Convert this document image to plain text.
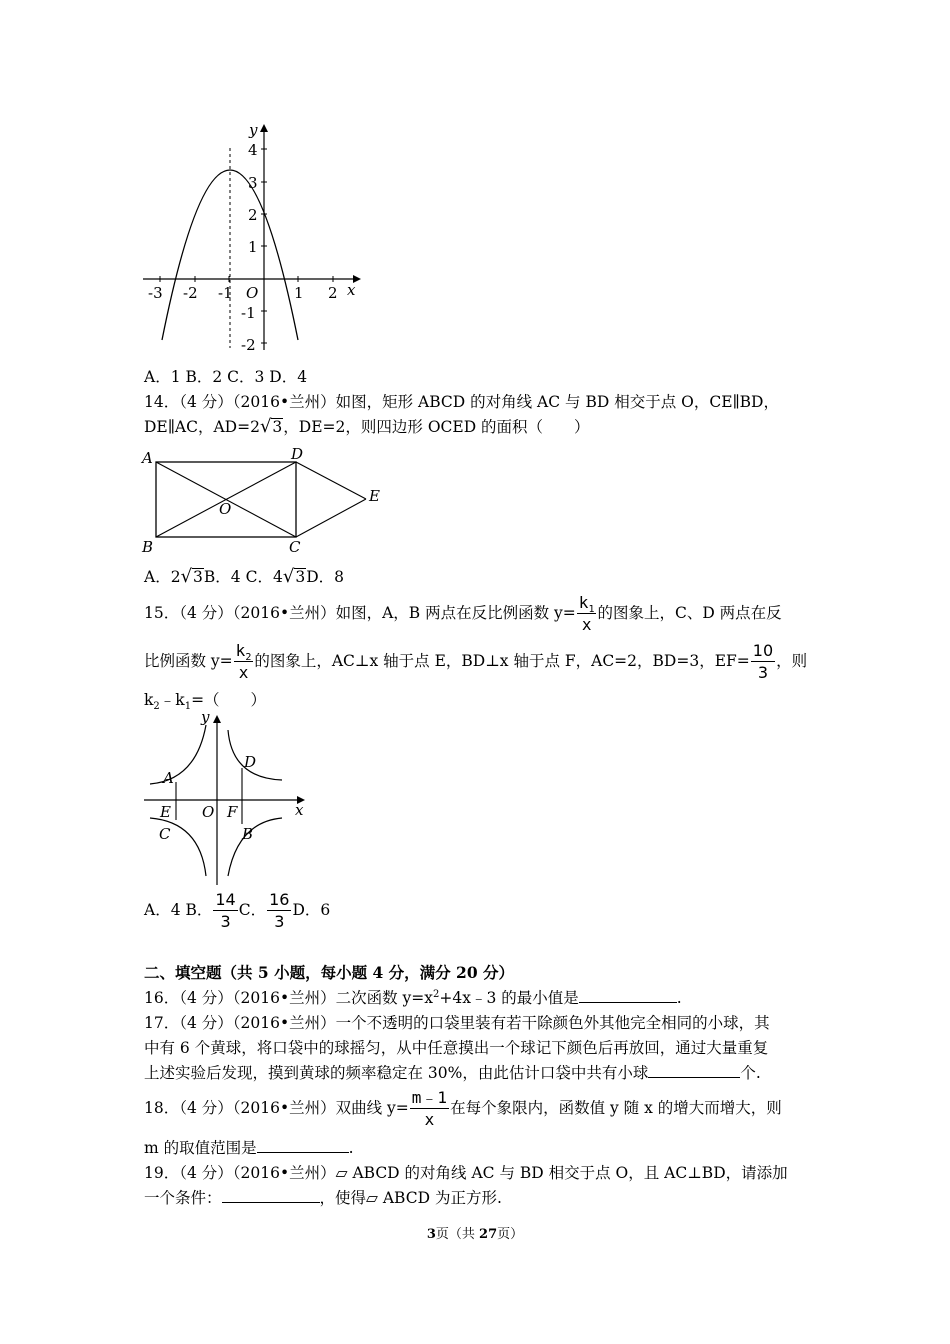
y
x
O
-3 -2 -1	1 2
4
3
2
1
-1
-2
A．1 B．2 C．3 D．4
14．（4 分）（2016•兰州）如图，矩形 ABCD 的对角线 AC 与 BD 相交于点 O，CE∥BD，
DE∥AC，AD=2√3，DE=2，则四边形 OCED 的面积（　　）
A
B	C
D
E
O
A．2√3B．4 C．4√3D．8
15．（4 分）（2016•兰州）如图，A，B 两点在反比例函数 $y= \frac{k_1}{x}$ 的图象上，C、D 两点在反
比例函数 $y= \frac{k_2}{x}$ 的图象上，AC⊥x 轴于点 E，BD⊥x 轴于点 F，AC=2，BD=3，$EF= \frac{10}{3}$ ，则
$k_2﹣k_1=$（　　）
y
x
A
D
E O F
C	B
A．4 B． $\frac{14}{3}$ C． $\frac{16}{3}$ D．6
二、填空题（共 5 小题，每小题 4 分，满分 20 分）
16．（4 分）（2016•兰州）二次函数 $y=x^2+4x﹣3$ 的最小值是	.
17．（4 分）（2016•兰州）一个不透明的口袋里装有若干除颜色外其他完全相同的小球，其
中有 6 个黄球，将口袋中的球摇匀，从中任意摸出一个球记下颜色后再放回，通过大量重复
上述实验后发现，摸到黄球的频率稳定在 30%，由此估计口袋中共有小球	个.
18．（4 分）（2016•兰州）双曲线 $y= \frac{m﹣1}{x}$ 在每个象限内，函数值 y 随 x 的增大而增大，则
m 的取值范围是	.
19．（4 分）（2016•兰州）▱ ABCD 的对角线 AC 与 BD 相交于点 O，且 AC⊥BD，请添加
一个条件：	，使得▱ ABCD 为正方形.
3页（共 27页）
